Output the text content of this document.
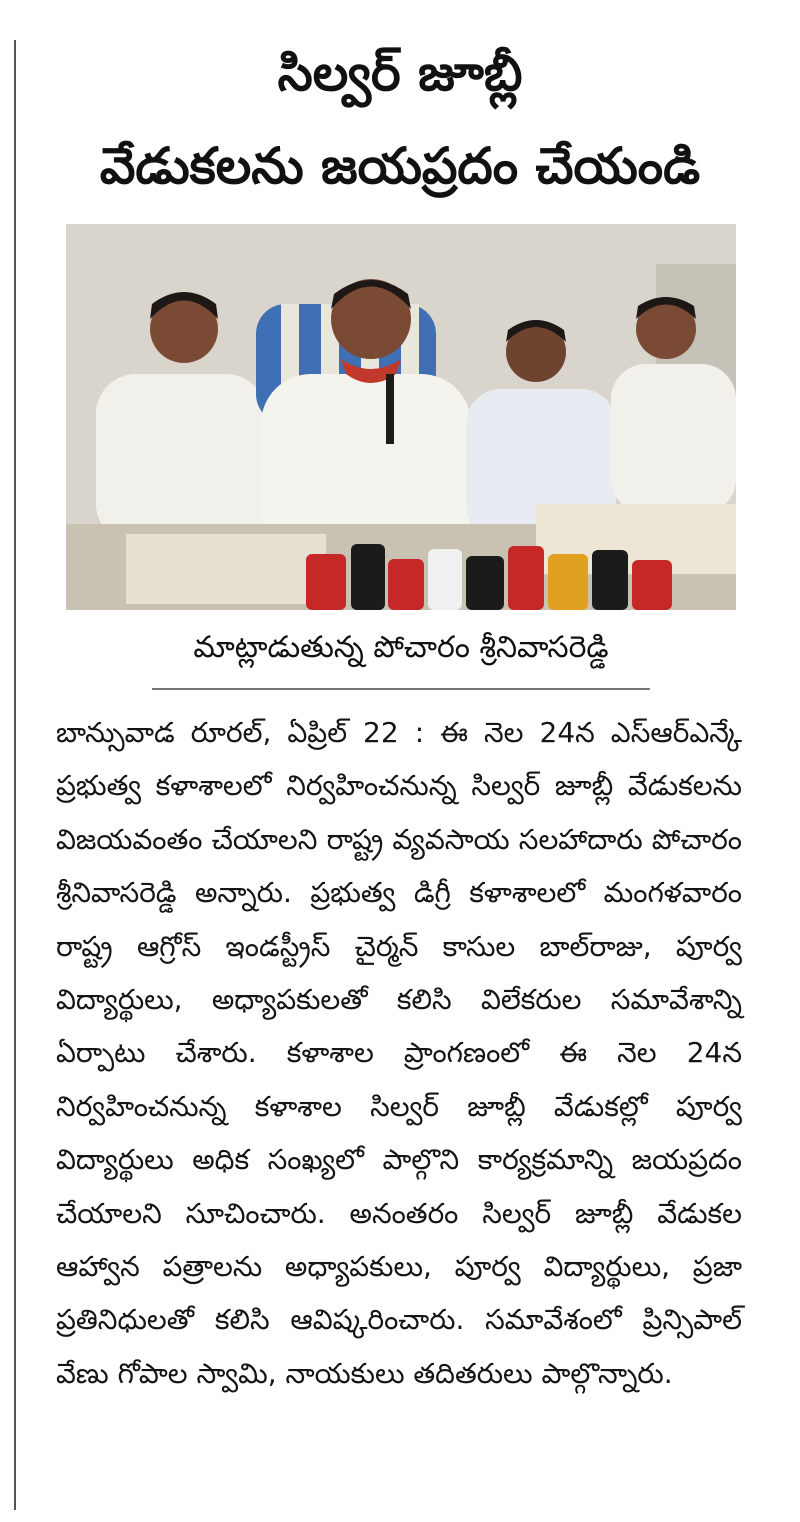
సిల్వర్ జూబ్లీ
వేడుకలను జయప్రదం చేయండి

మాట్లాడుతున్న పోచారం శ్రీనివాసరెడ్డి

బాన్సువాడ రూరల్, ఏప్రిల్ 22 : ఈ నెల 24న ఎస్ఆర్ఎన్కే ప్రభుత్వ కళాశాలలో నిర్వహించనున్న సిల్వర్ జూబ్లీ వేడుకలను విజయవంతం చేయాలని రాష్ట్ర వ్యవసాయ సలహాదారు పోచారం శ్రీనివాసరెడ్డి అన్నారు. ప్రభుత్వ డిగ్రీ కళాశాలలో మంగళవారం రాష్ట్ర ఆగ్రోస్ ఇండస్ట్రీస్ చైర్మన్ కాసుల బాల్‌రాజు, పూర్వ విద్యార్థులు, అధ్యాపకులతో కలిసి విలేకరుల సమావేశాన్ని ఏర్పాటు చేశారు. కళాశాల ప్రాంగణంలో ఈ నెల 24న నిర్వహించనున్న కళాశాల సిల్వర్ జూబ్లీ వేడుకల్లో పూర్వ విద్యార్థులు అధిక సంఖ్యలో పాల్గొని కార్యక్రమాన్ని జయప్రదం చేయాలని సూచించారు. అనంతరం సిల్వర్ జూబ్లీ వేడుకల ఆహ్వాన పత్రాలను అధ్యాపకులు, పూర్వ విద్యార్థులు, ప్రజా ప్రతినిధులతో కలిసి ఆవిష్కరించారు. సమావేశంలో ప్రిన్సిపాల్ వేణు గోపాల స్వామి, నాయకులు తదితరులు పాల్గొన్నారు.
